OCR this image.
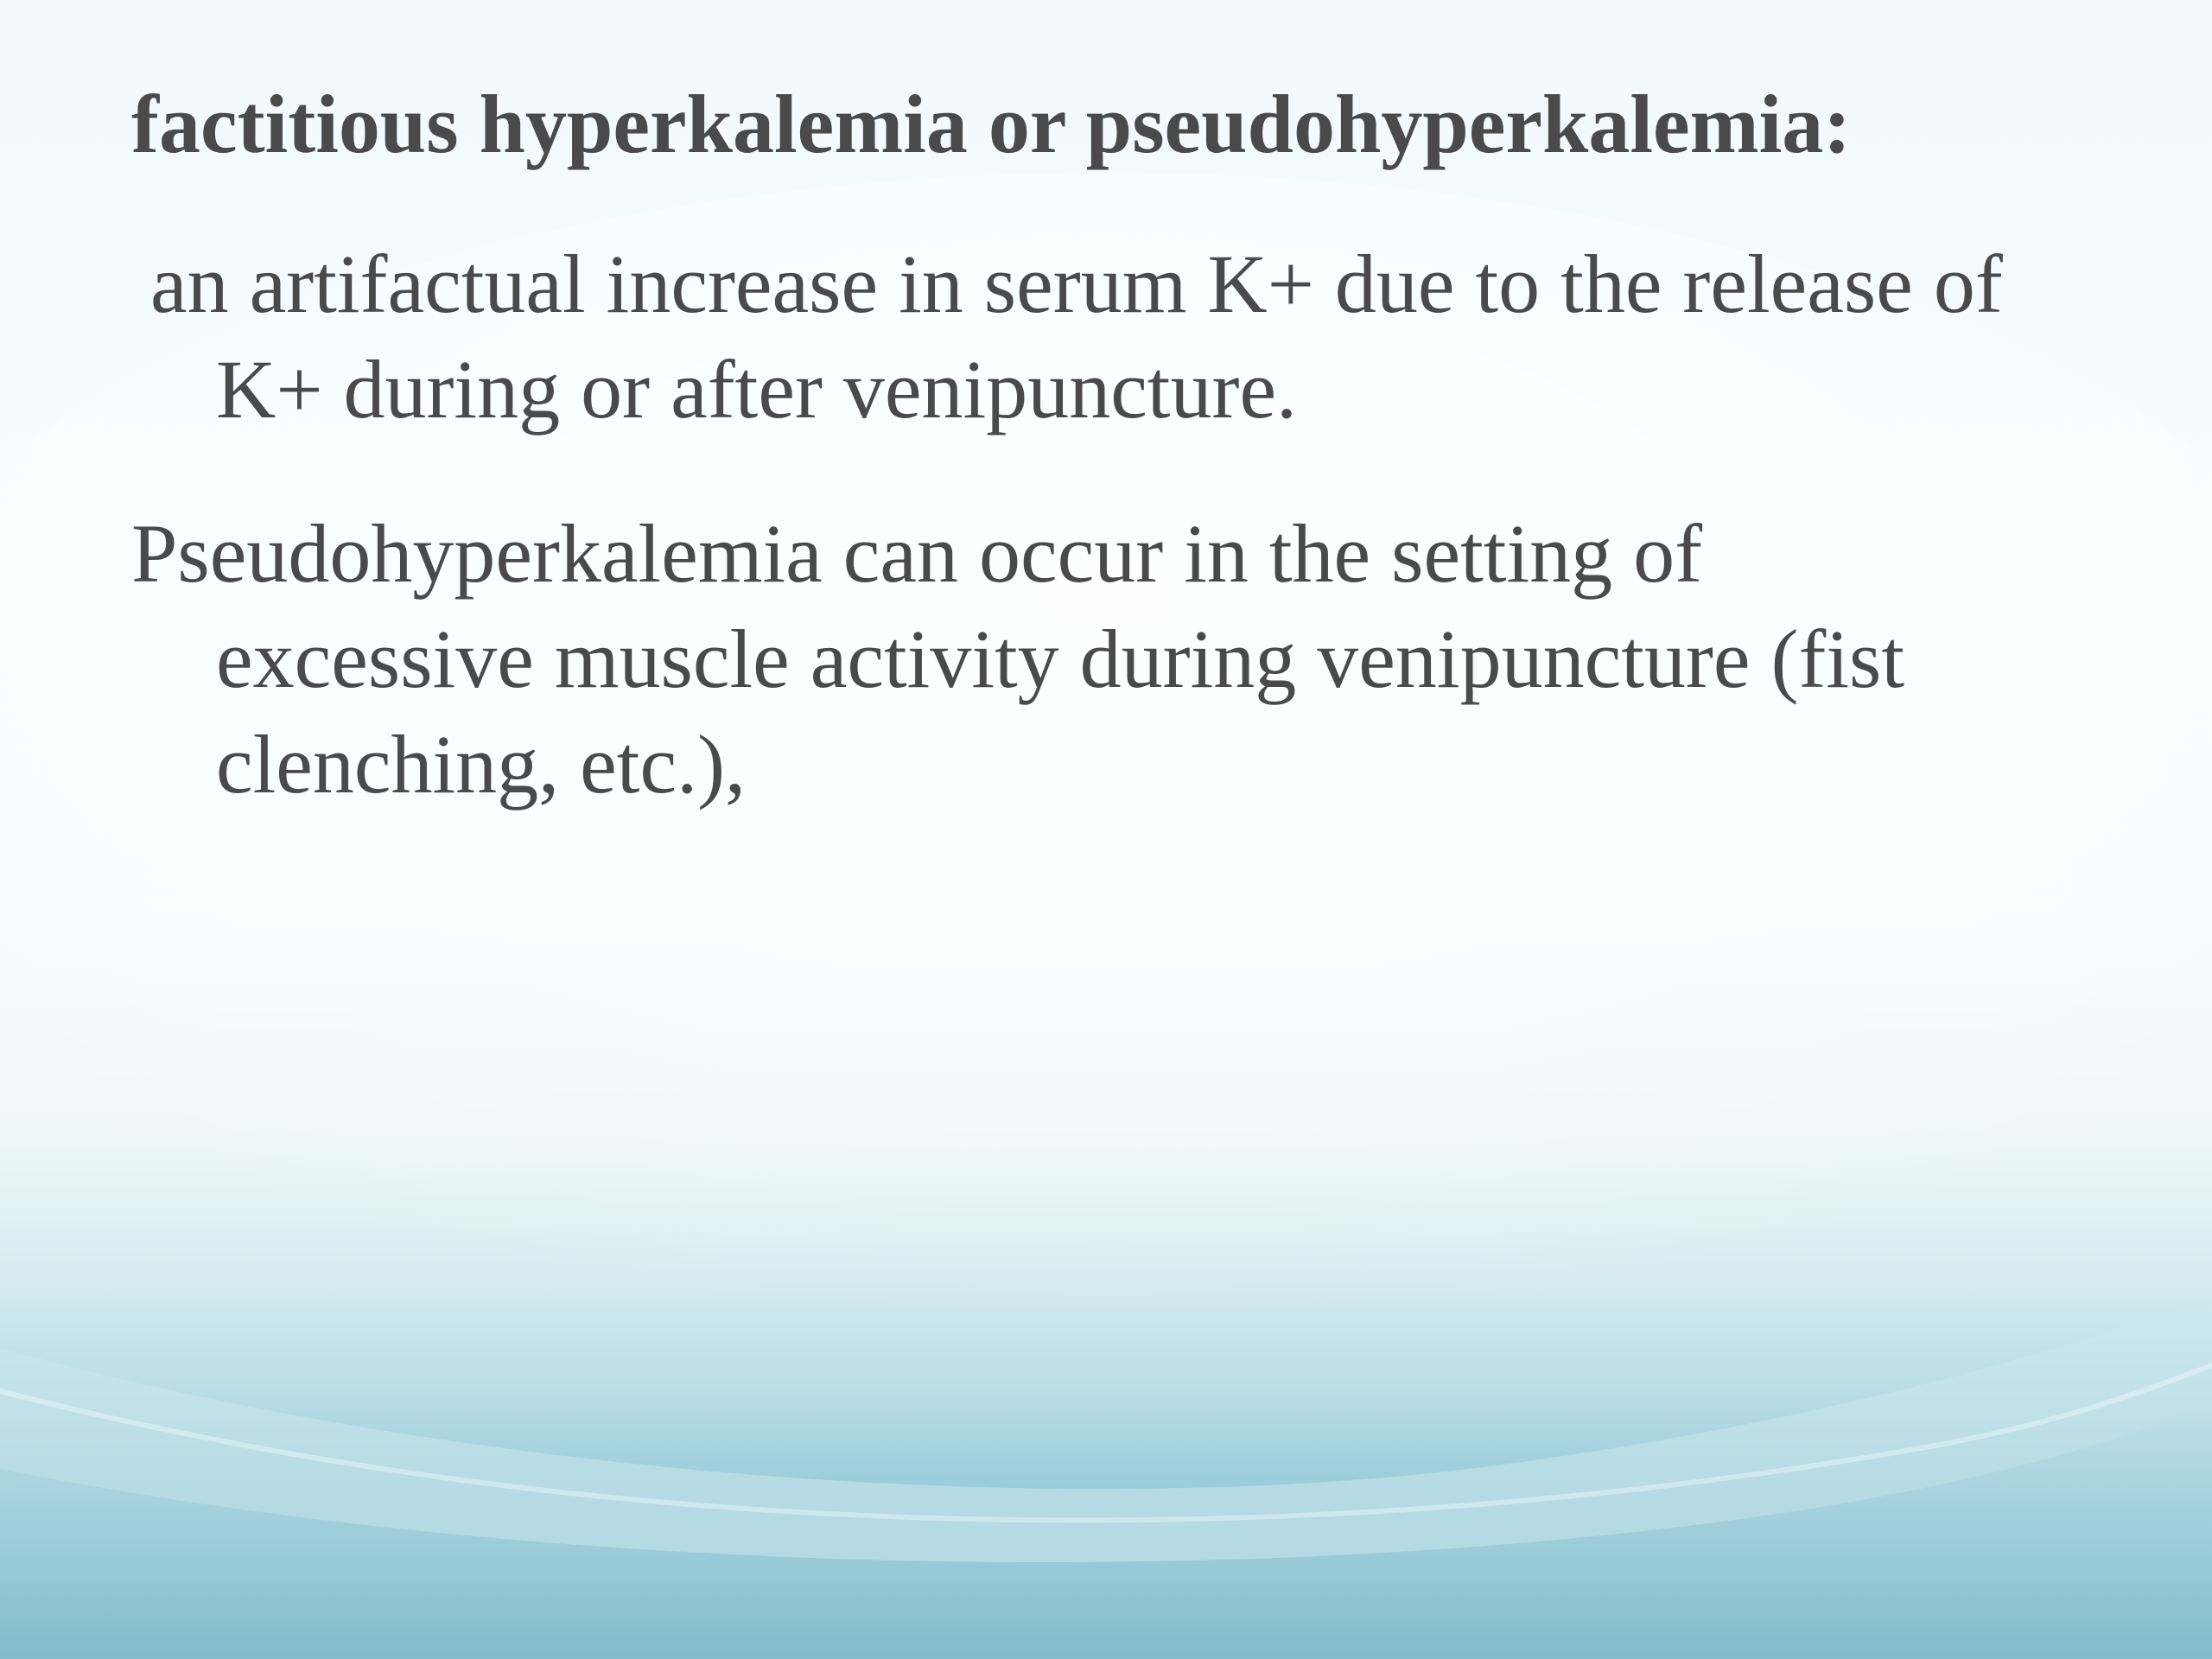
factitious hyperkalemia or pseudohyperkalemia:

an artifactual increase in serum K+ due to the release of
K+ during or after venipuncture.

Pseudohyperkalemia can occur in the setting of
excessive muscle activity during venipuncture (fist
clenching, etc.),
